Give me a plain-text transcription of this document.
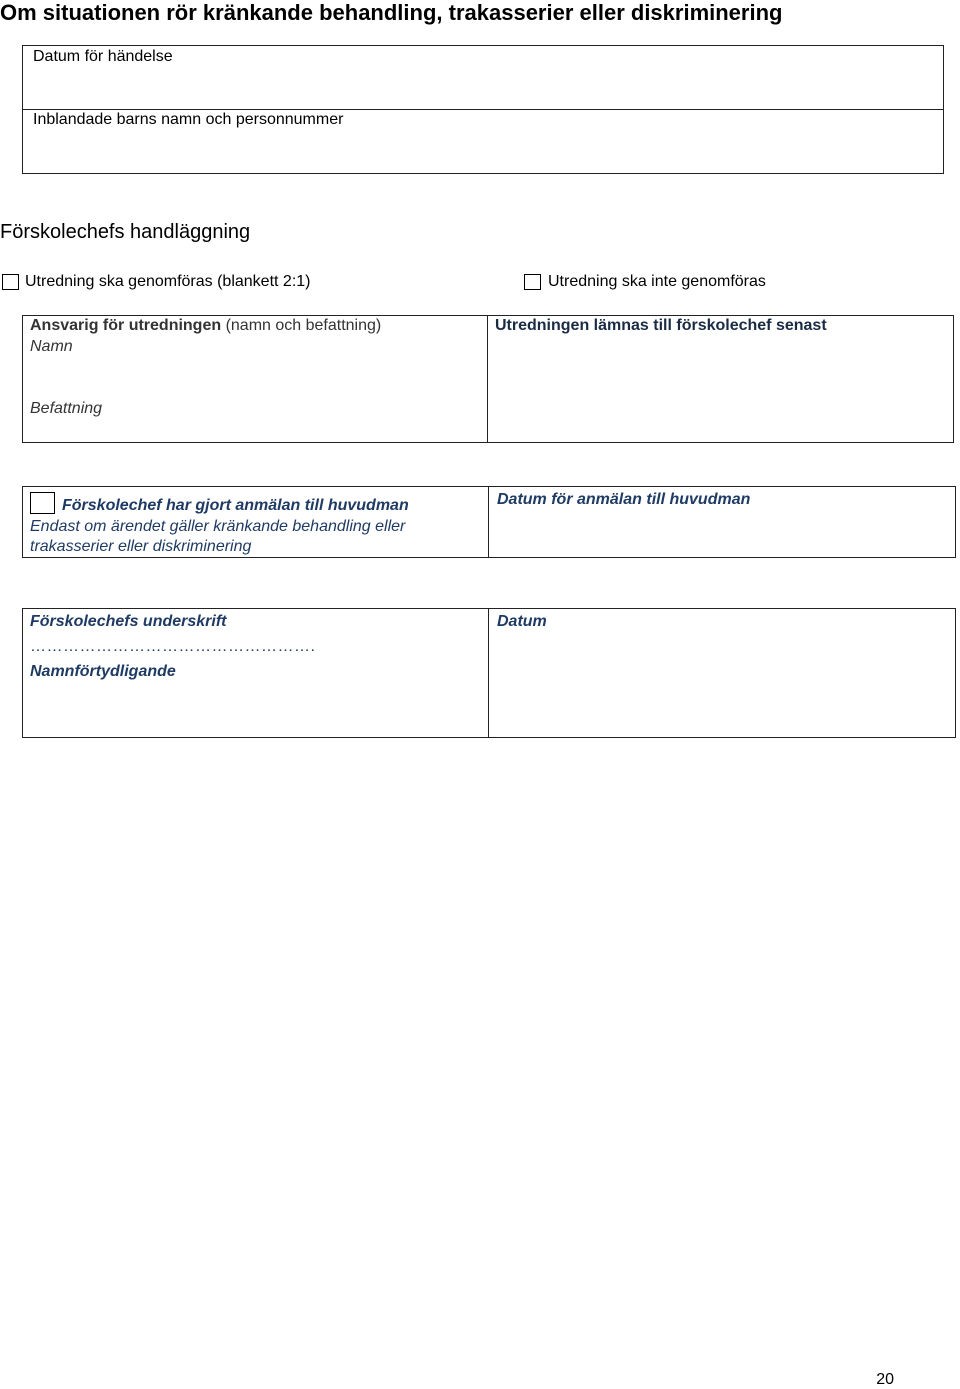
Om situationen rör kränkande behandling, trakasserier eller diskriminering
Datum för händelse
Inblandade barns namn och personnummer
Förskolechefs handläggning
Utredning ska genomföras (blankett 2:1)	Utredning ska inte genomföras
Ansvarig för utredningen (namn och befattning)
Namn
Befattning
Utredningen lämnas till förskolechef senast
Förskolechef har gjort anmälan till huvudman
Endast om ärendet gäller kränkande behandling eller
trakasserier eller diskriminering
Datum för anmälan till huvudman
Förskolechefs underskrift
…………………………………………….
Namnförtydligande
Datum
20
